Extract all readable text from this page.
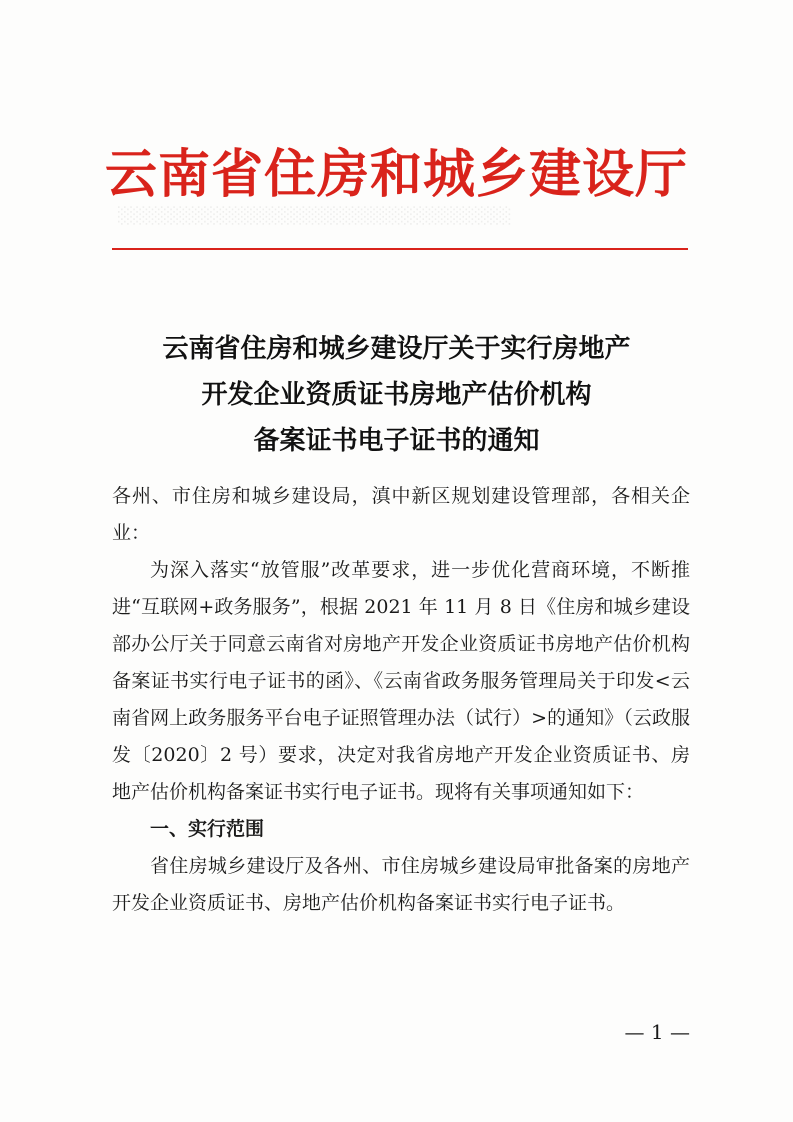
░░░░░░░░░░░░░░░░░░░░░░░░░░░░░░░░
云南省住房和城乡建设厅
云南省住房和城乡建设厅关于实行房地产
开发企业资质证书房地产估价机构
备案证书电子证书的通知

各州、市住房和城乡建设局，滇中新区规划建设管理部，各相关企业：

为深入落实“放管服”改革要求，进一步优化营商环境，不断推进“互联网+政务服务”，根据 2021 年 11 月 8 日《住房和城乡建设部办公厅关于同意云南省对房地产开发企业资质证书房地产估价机构备案证书实行电子证书的函》、《云南省政务服务管理局关于印发<云南省网上政务服务平台电子证照管理办法（试行）>的通知》（云政服发〔2020〕2 号）要求，决定对我省房地产开发企业资质证书、房地产估价机构备案证书实行电子证书。现将有关事项通知如下：

一、实行范围

省住房城乡建设厅及各州、市住房城乡建设局审批备案的房地产开发企业资质证书、房地产估价机构备案证书实行电子证书。

— 1 —
